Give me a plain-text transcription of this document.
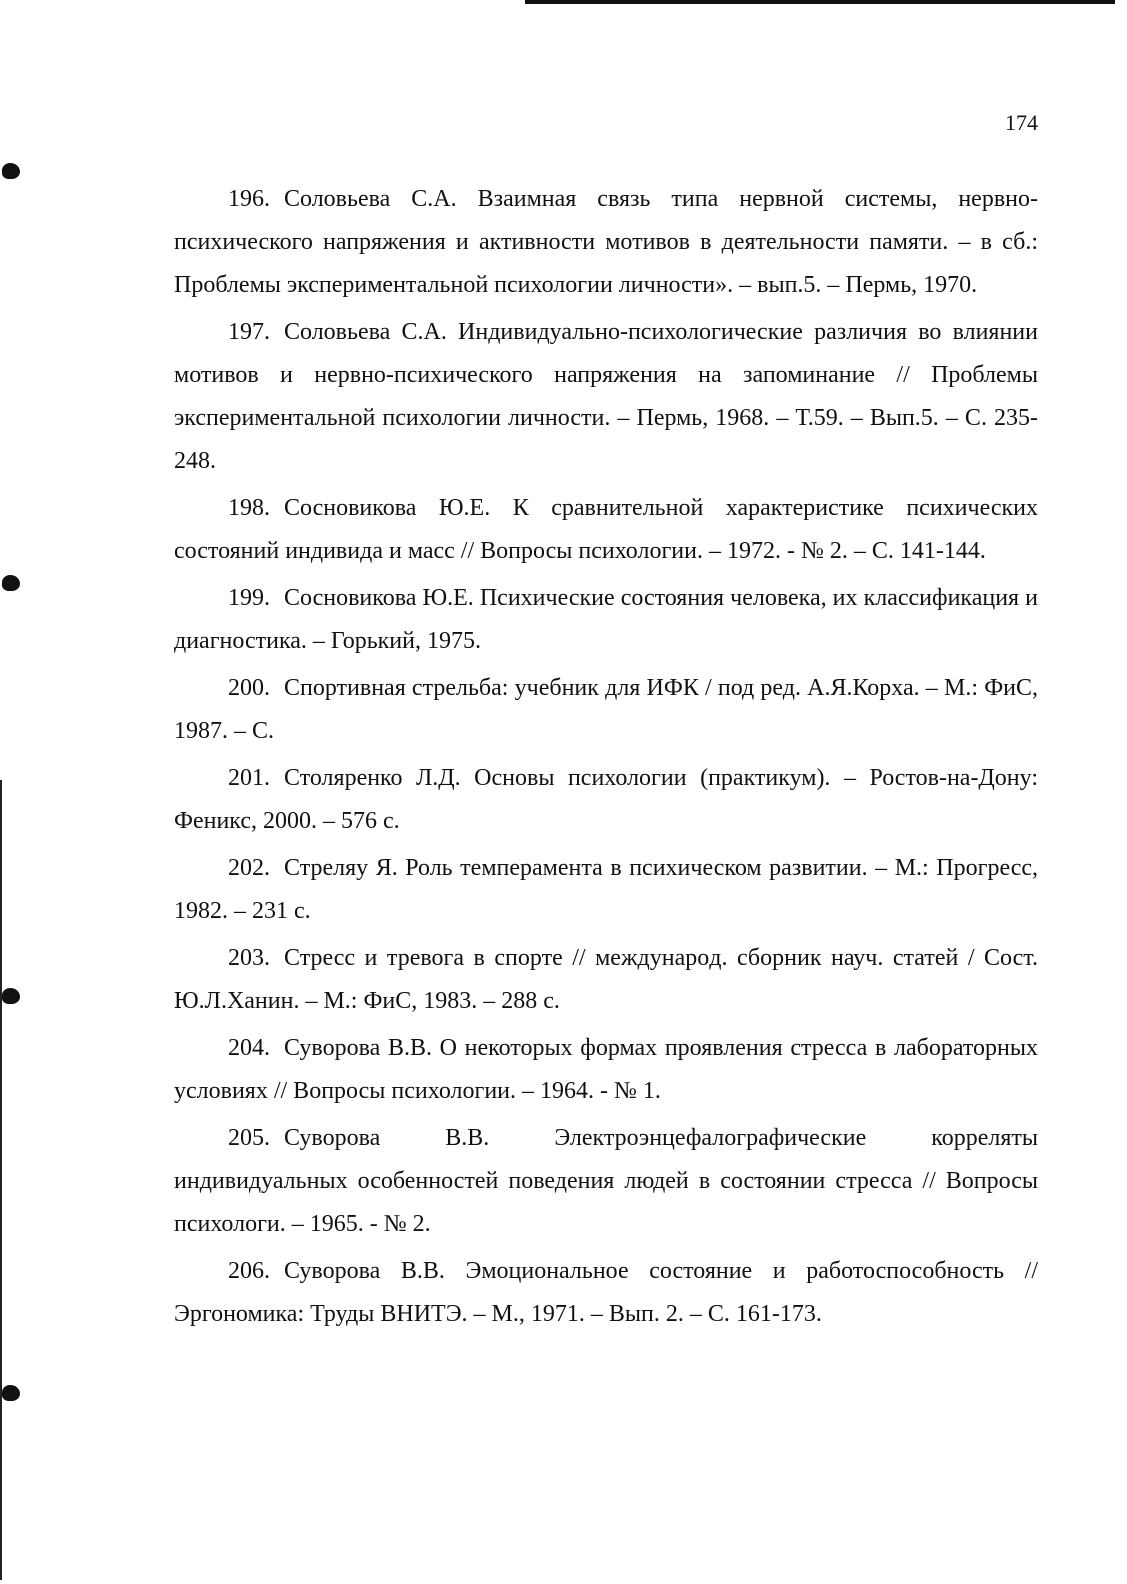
174
196. Соловьева С.А. Взаимная связь типа нервной системы, нервно-психического напряжения и активности мотивов в деятельности памяти. – в сб.: Проблемы экспериментальной психологии личности». – вып.5. – Пермь, 1970.
197. Соловьева С.А. Индивидуально-психологические различия во влиянии мотивов и нервно-психического напряжения на запоминание // Проблемы экспериментальной психологии личности. – Пермь, 1968. – Т.59. – Вып.5. – С. 235-248.
198. Сосновикова Ю.Е. К сравнительной характеристике психических состояний индивида и масс // Вопросы психологии. – 1972. - № 2. – С. 141-144.
199. Сосновикова Ю.Е. Психические состояния человека, их классификация и диагностика. – Горький, 1975.
200. Спортивная стрельба: учебник для ИФК / под ред. А.Я.Корха. – М.: ФиС, 1987. – С.
201. Столяренко Л.Д. Основы психологии (практикум). – Ростов-на-Дону: Феникс, 2000. – 576 с.
202. Стреляу Я. Роль темперамента в психическом развитии. – М.: Прогресс, 1982. – 231 с.
203. Стресс и тревога в спорте // междунарoд. сборник науч. статей / Сост. Ю.Л.Ханин. – М.: ФиС, 1983. – 288 с.
204. Суворова В.В. О некоторых формах проявления стресса в лабораторных условиях // Вопросы психологии. – 1964. - № 1.
205. Суворова В.В. Электроэнцефалографические корреляты индивидуальных особенностей поведения людей в состоянии стресса // Вопросы психологи. – 1965. - № 2.
206. Суворова В.В. Эмоциональное состояние и работоспособность // Эргономика: Труды ВНИТЭ. – М., 1971. – Вып. 2. – С. 161-173.
